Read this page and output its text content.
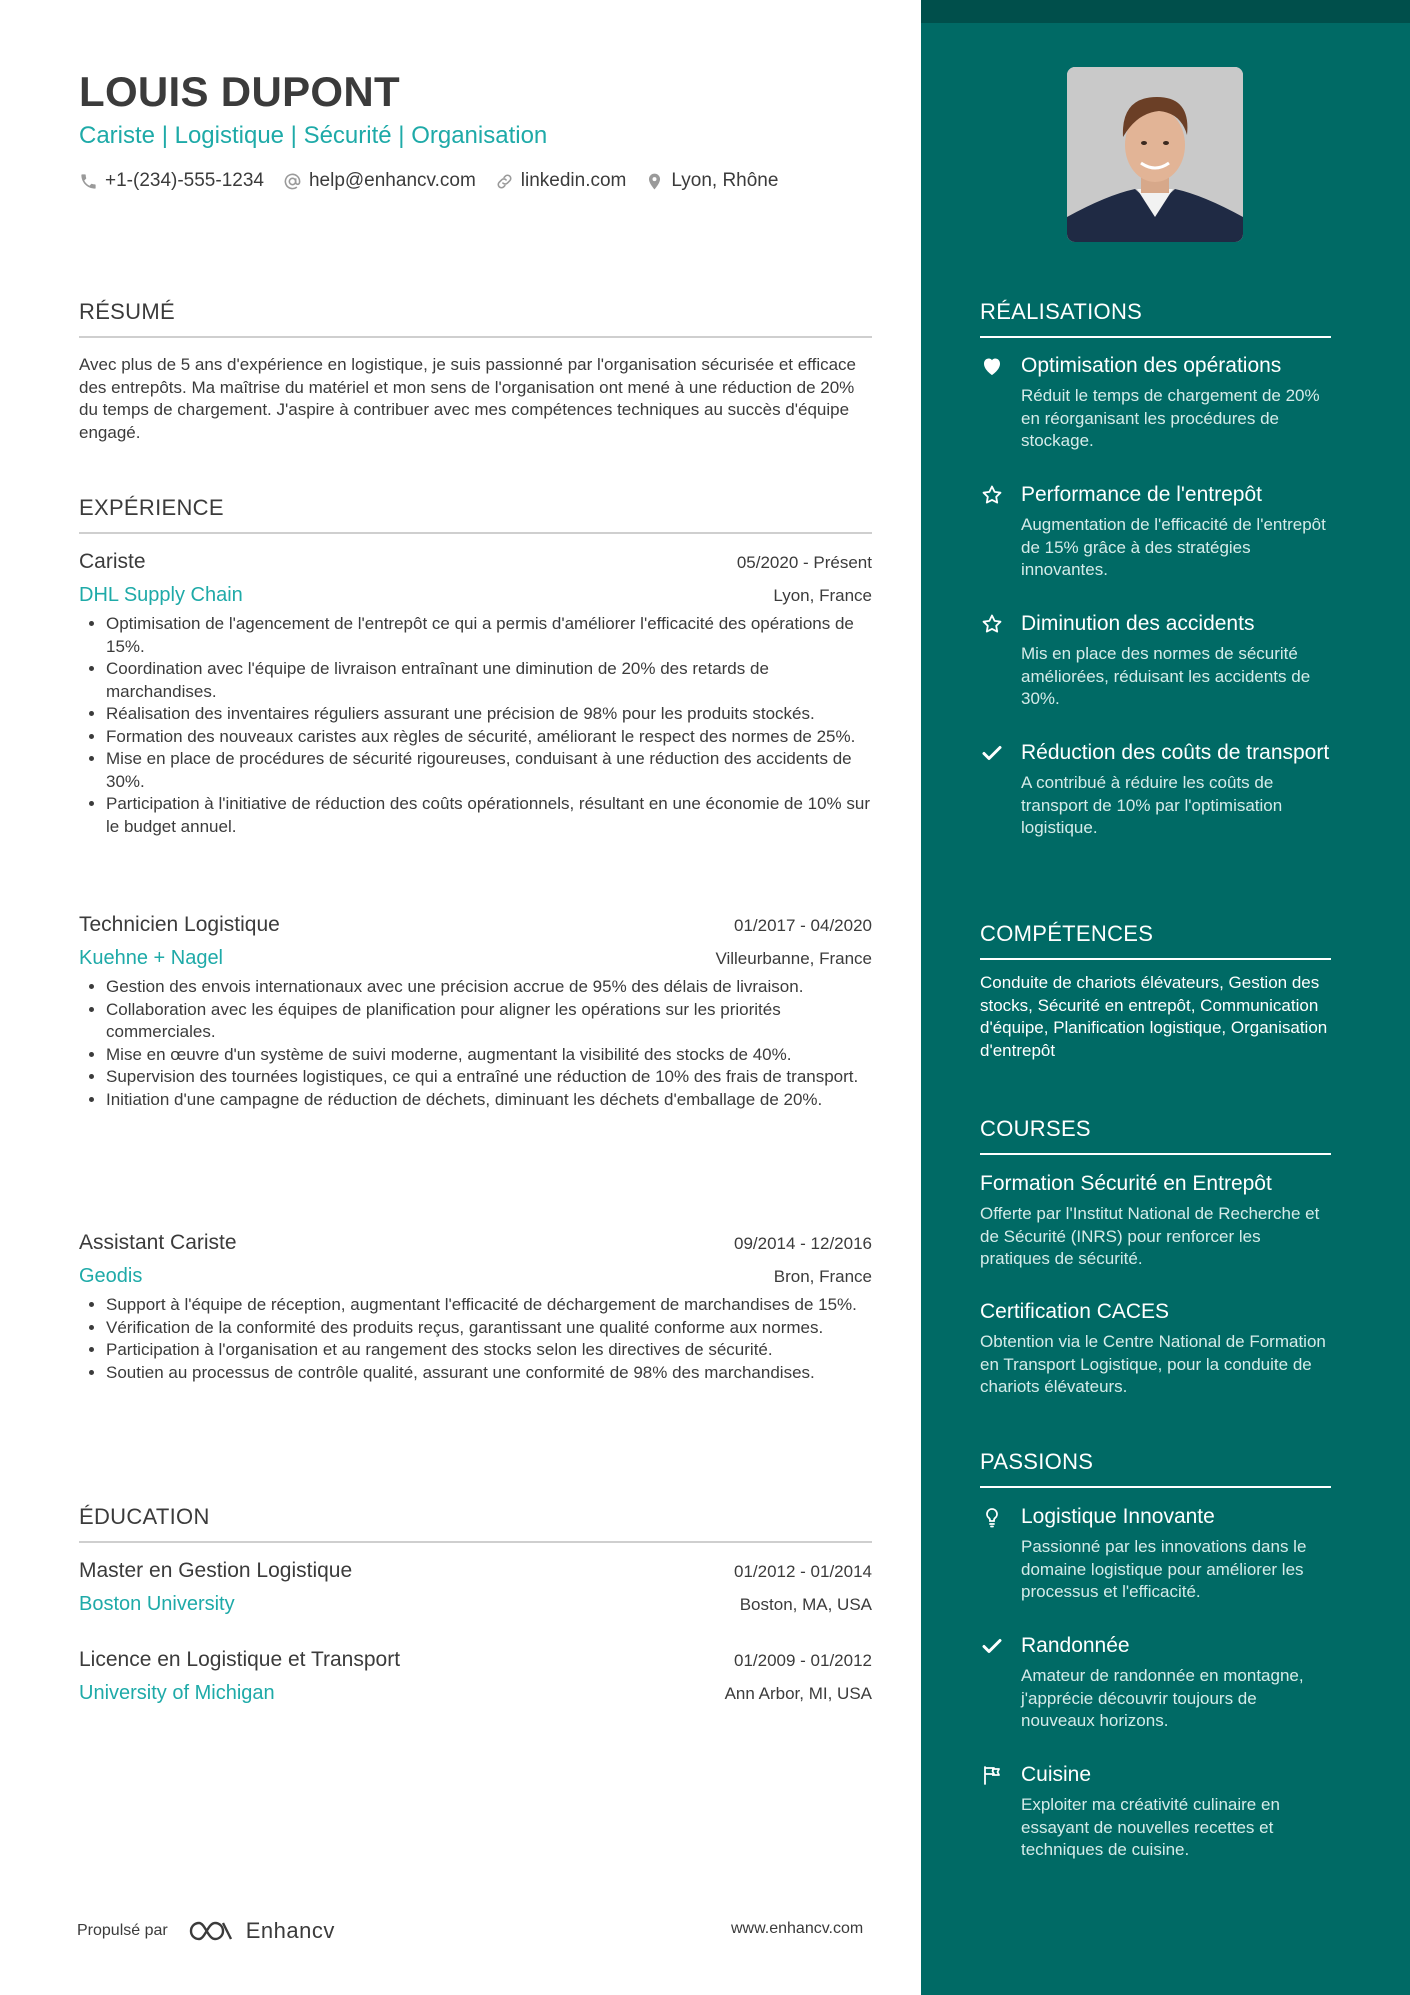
LOUIS DUPONT
Cariste | Logistique | Sécurité | Organisation
+1-(234)-555-1234 help@enhancv.com linkedin.com Lyon, Rhône
RÉSUMÉ
Avec plus de 5 ans d'expérience en logistique, je suis passionné par l'organisation sécurisée et efficace des entrepôts. Ma maîtrise du matériel et mon sens de l'organisation ont mené à une réduction de 20% du temps de chargement. J'aspire à contribuer avec mes compétences techniques au succès d'équipe engagé.
EXPÉRIENCE
Cariste	05/2020 - Présent
DHL Supply Chain	Lyon, France
• Optimisation de l'agencement de l'entrepôt ce qui a permis d'améliorer l'efficacité des opérations de 15%.
• Coordination avec l'équipe de livraison entraînant une diminution de 20% des retards de marchandises.
• Réalisation des inventaires réguliers assurant une précision de 98% pour les produits stockés.
• Formation des nouveaux caristes aux règles de sécurité, améliorant le respect des normes de 25%.
• Mise en place de procédures de sécurité rigoureuses, conduisant à une réduction des accidents de 30%.
• Participation à l'initiative de réduction des coûts opérationnels, résultant en une économie de 10% sur le budget annuel.
Technicien Logistique	01/2017 - 04/2020
Kuehne + Nagel	Villeurbanne, France
• Gestion des envois internationaux avec une précision accrue de 95% des délais de livraison.
• Collaboration avec les équipes de planification pour aligner les opérations sur les priorités commerciales.
• Mise en œuvre d'un système de suivi moderne, augmentant la visibilité des stocks de 40%.
• Supervision des tournées logistiques, ce qui a entraîné une réduction de 10% des frais de transport.
• Initiation d'une campagne de réduction de déchets, diminuant les déchets d'emballage de 20%.
Assistant Cariste	09/2014 - 12/2016
Geodis	Bron, France
• Support à l'équipe de réception, augmentant l'efficacité de déchargement de marchandises de 15%.
• Vérification de la conformité des produits reçus, garantissant une qualité conforme aux normes.
• Participation à l'organisation et au rangement des stocks selon les directives de sécurité.
• Soutien au processus de contrôle qualité, assurant une conformité de 98% des marchandises.
ÉDUCATION
Master en Gestion Logistique	01/2012 - 01/2014
Boston University	Boston, MA, USA
Licence en Logistique et Transport	01/2009 - 01/2012
University of Michigan	Ann Arbor, MI, USA
Propulsé par	Enhancv	www.enhancv.com
RÉALISATIONS
Optimisation des opérations
Réduit le temps de chargement de 20% en réorganisant les procédures de stockage.
Performance de l'entrepôt
Augmentation de l'efficacité de l'entrepôt de 15% grâce à des stratégies innovantes.
Diminution des accidents
Mis en place des normes de sécurité améliorées, réduisant les accidents de 30%.
Réduction des coûts de transport
A contribué à réduire les coûts de transport de 10% par l'optimisation logistique.
COMPÉTENCES
Conduite de chariots élévateurs, Gestion des stocks, Sécurité en entrepôt, Communication d'équipe, Planification logistique, Organisation d'entrepôt
COURSES
Formation Sécurité en Entrepôt
Offerte par l'Institut National de Recherche et de Sécurité (INRS) pour renforcer les pratiques de sécurité.
Certification CACES
Obtention via le Centre National de Formation en Transport Logistique, pour la conduite de chariots élévateurs.
PASSIONS
Logistique Innovante
Passionné par les innovations dans le domaine logistique pour améliorer les processus et l'efficacité.
Randonnée
Amateur de randonnée en montagne, j'apprécie découvrir toujours de nouveaux horizons.
Cuisine
Exploiter ma créativité culinaire en essayant de nouvelles recettes et techniques de cuisine.
